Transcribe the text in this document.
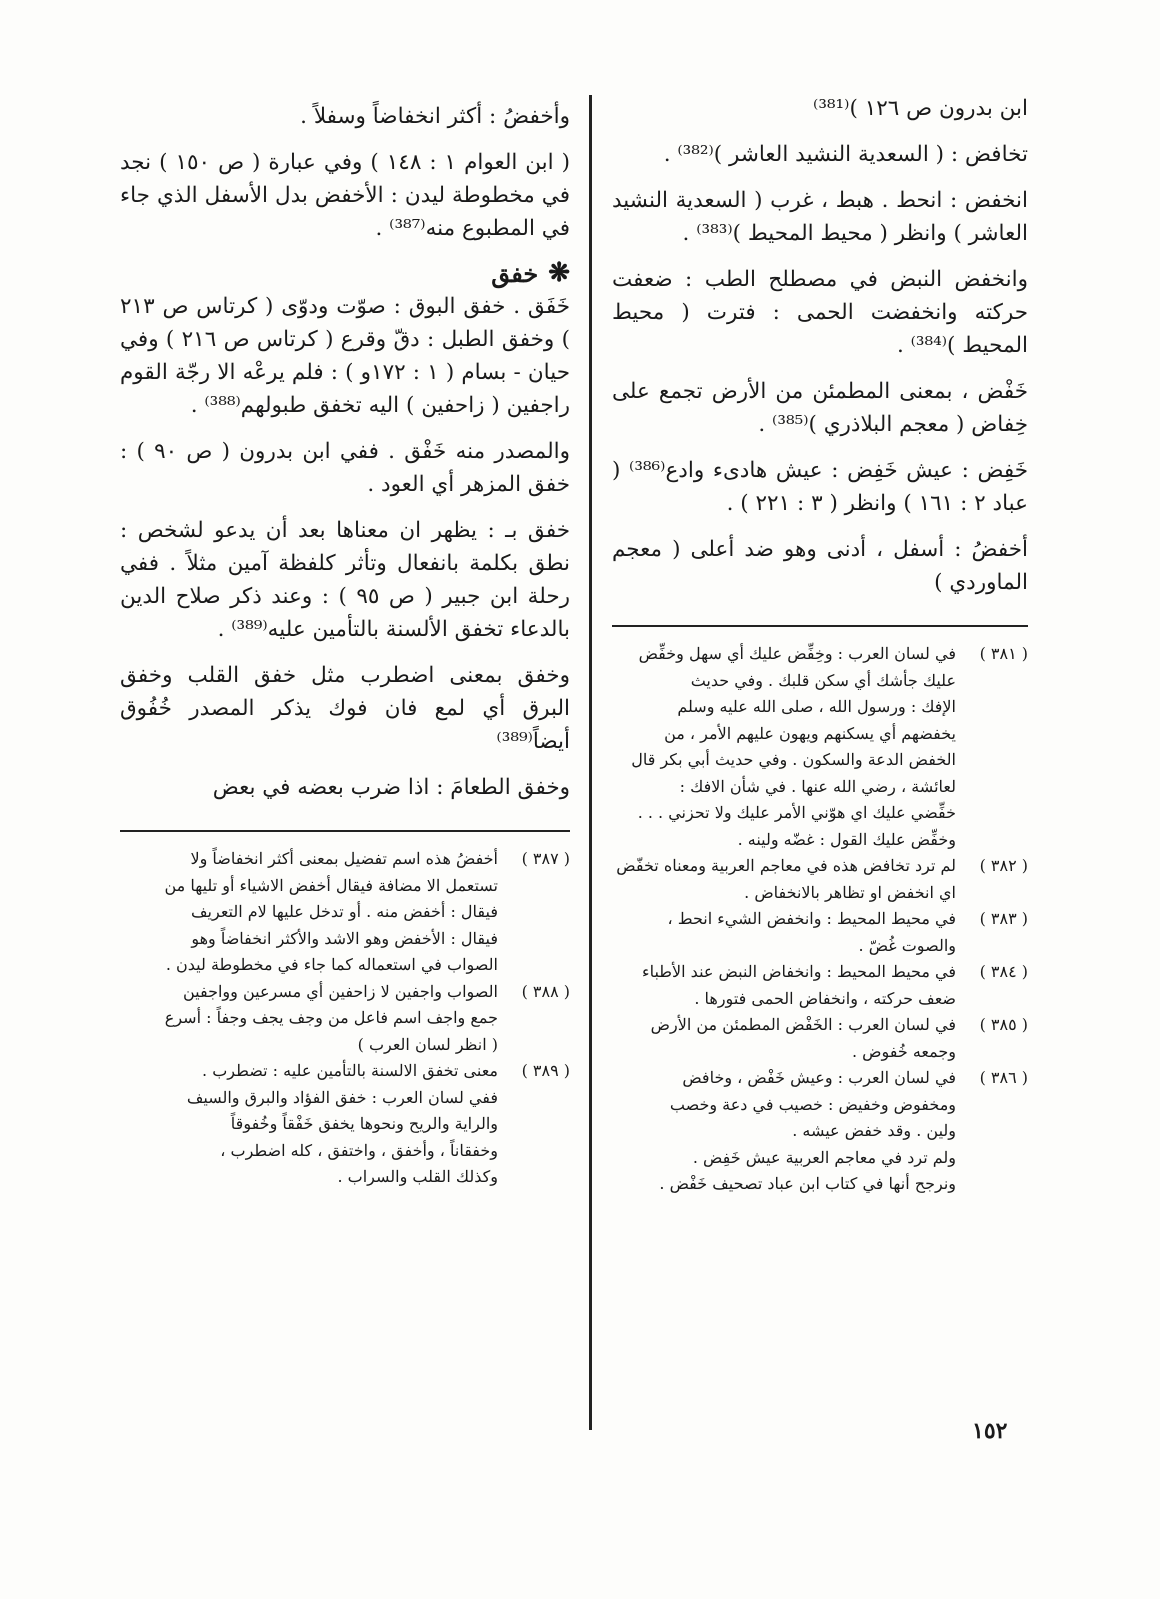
ابن بدرون ص ١٢٦ )⁽³⁸¹⁾

تخافض : ( السعدية النشيد العاشر )⁽³⁸²⁾ .

انخفض : انحط . هبط ، غرب ( السعدية النشيد العاشر ) وانظر ( محيط المحيط )⁽³⁸³⁾ .

وانخفض النبض في مصطلح الطب : ضعفت حركته وانخفضت الحمى : فترت ( محيط المحيط )⁽³⁸⁴⁾ .

خَفْض ، بمعنى المطمئن من الأرض تجمع على خِفاض ( معجم البلاذري )⁽³⁸⁵⁾ .

خَفِض : عيش خَفِض : عيش هادىء وادع⁽³⁸⁶⁾ ( عباد ٢ : ١٦١ ) وانظر ( ٣ : ٢٢١ ) .

أخفضُ : أسفل ، أدنى وهو ضد أعلى ( معجم الماوردي )

( ٣٨١ )
في لسان العرب : وخِفِّض عليك أي سهل وخفِّض
عليك جأشك أي سكن قلبك . وفي حديث
الإفك : ورسول الله ، صلى الله عليه وسلم
يخفضهم أي يسكنهم ويهون عليهم الأمر ، من
الخفض الدعة والسكون . وفي حديث أبي بكر قال
لعائشة ، رضي الله عنها . في شأن الافك :
خفِّضي عليك اي هوّني الأمر عليك ولا تحزني . . .
وخفِّض عليك القول : غضّه ولينه .
( ٣٨٢ )
لم ترد تخافض هذه في معاجم العربية ومعناه تخفّض
اي انخفض او تظاهر بالانخفاض .
( ٣٨٣ )
في محيط المحيط : وانخفض الشيء انحط ،
والصوت غُضّ .
( ٣٨٤ )
في محيط المحيط : وانخفاض النبض عند الأطباء
ضعف حركته ، وانخفاض الحمى فتورها .
( ٣٨٥ )
في لسان العرب : الخَفْض المطمئن من الأرض
وجمعه خُفوض .
( ٣٨٦ )
في لسان العرب : وعيش خَفْض ، وخافض
ومخفوض وخفيض : خصيب في دعة وخصب
ولين . وقد خفض عيشه .
ولم ترد في معاجم العربية عيش خَفِض .
ونرجح أنها في كتاب ابن عباد تصحيف خَفْض .

وأخفضُ : أكثر انخفاضاً وسفلاً .

( ابن العوام ١ : ١٤٨ ) وفي عبارة ( ص ١٥٠ ) نجد في مخطوطة ليدن : الأخفض بدل الأسفل الذي جاء في المطبوع منه⁽³⁸⁷⁾ .

❋
خفق

خَفَق . خفق البوق : صوّت ودوّى ( كرتاس ص ٢١٣ ) وخفق الطبل : دقّ وقرع ( كرتاس ص ٢١٦ ) وفي حيان - بسام ( ١ : ١٧٢و ) : فلم يرعْه الا رجّة القوم راجفين ( زاحفين ) اليه تخفق طبولهم⁽³⁸⁸⁾ .

والمصدر منه خَفْق . ففي ابن بدرون ( ص ٩٠ ) : خفق المزهر أي العود .

خفق بـ : يظهر ان معناها بعد أن يدعو لشخص : نطق بكلمة بانفعال وتأثر كلفظة آمين مثلاً . ففي رحلة ابن جبير ( ص ٩٥ ) : وعند ذكر صلاح الدين بالدعاء تخفق الألسنة بالتأمين عليه⁽³⁸⁹⁾ .

وخفق بمعنى اضطرب مثل خفق القلب وخفق البرق أي لمع فان فوك يذكر المصدر خُفُوق أيضاً⁽³⁸⁹⁾

وخفق الطعامَ : اذا ضرب بعضه في بعض

( ٣٨٧ )
أخفضُ هذه اسم تفضيل بمعنى أكثر انخفاضاً ولا
تستعمل الا مضافة فيقال أخفض الاشياء أو تليها من
فيقال : أخفض منه . أو تدخل عليها لام التعريف
فيقال : الأخفض وهو الاشد والأكثر انخفاضاً وهو
الصواب في استعماله كما جاء في مخطوطة ليدن .
( ٣٨٨ )
الصواب واجفين لا زاحفين أي مسرعين وواجفين
جمع واجف اسم فاعل من وجف يجف وجفاً : أسرع
( انظر لسان العرب )
( ٣٨٩ )
معنى تخفق الالسنة بالتأمين عليه : تضطرب .
ففي لسان العرب : خفق الفؤاد والبرق والسيف
والراية والريح ونحوها يخفق خَفْقاً وخُفوقاً
وخفقاناً ، وأخفق ، واختفق ، كله اضطرب ،
وكذلك القلب والسراب .
١٥٢
